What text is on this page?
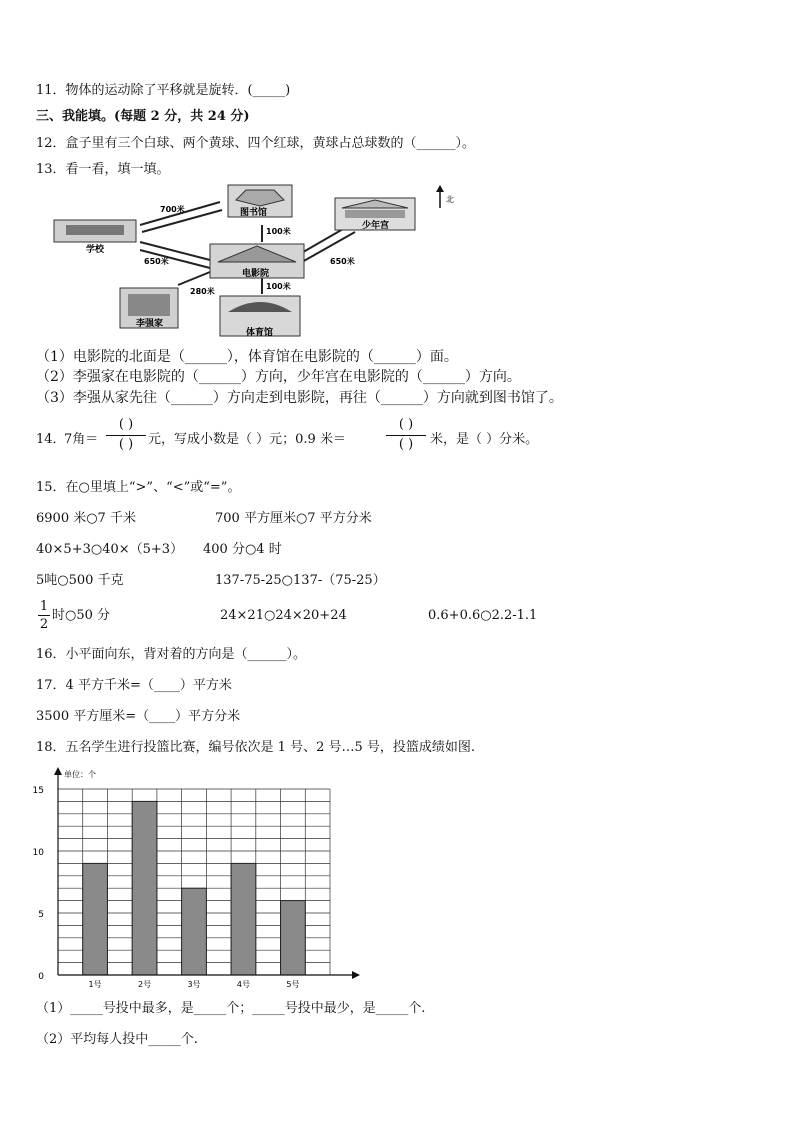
11．物体的运动除了平移就是旋转．(_____)
三、我能填。(每题 2 分，共 24 分)
12．盒子里有三个白球、两个黄球、四个红球，黄球占总球数的（______）。
13．看一看，填一填。
学校
图书馆
少年宫
电影院
李强家
体育馆
700米
100米
650米	650米
280米
100米
北
（1）电影院的北面是（______），体育馆在电影院的（______）面。
（2）李强家在电影院的（______）方向，少年宫在电影院的（______）方向。
（3）李强从家先往（______）方向走到电影院，再往（______）方向就到图书馆了。
14．
7角＝
( )
( )	元，写成小数是（ ）元；0.9 米＝
( )
( )	米，是（ ）分米。
15．在○里填上“>”、“<”或“=”。
6900 米○7 千米	700 平方厘米○7 平方分米
40×5+3○40×（5+3） 400 分○4 时
5吨○500 千克	137-75-25○137-（75-25）
1
2
时○50 分	24×21○24×20+24	0.6+0.6○2.2-1.1
16．小平面向东，背对着的方向是（______）。
17．4 平方千米=（____）平方米
3500 平方厘米=（____）平方分米
18．五名学生进行投篮比赛，编号依次是 1 号、2 号…5 号，投篮成绩如图.
0
5
10
15
1号	2号	3号	4号	5号
单位：个
（1）_____号投中最多，是_____个；_____号投中最少，是_____个.
（2）平均每人投中_____个.
